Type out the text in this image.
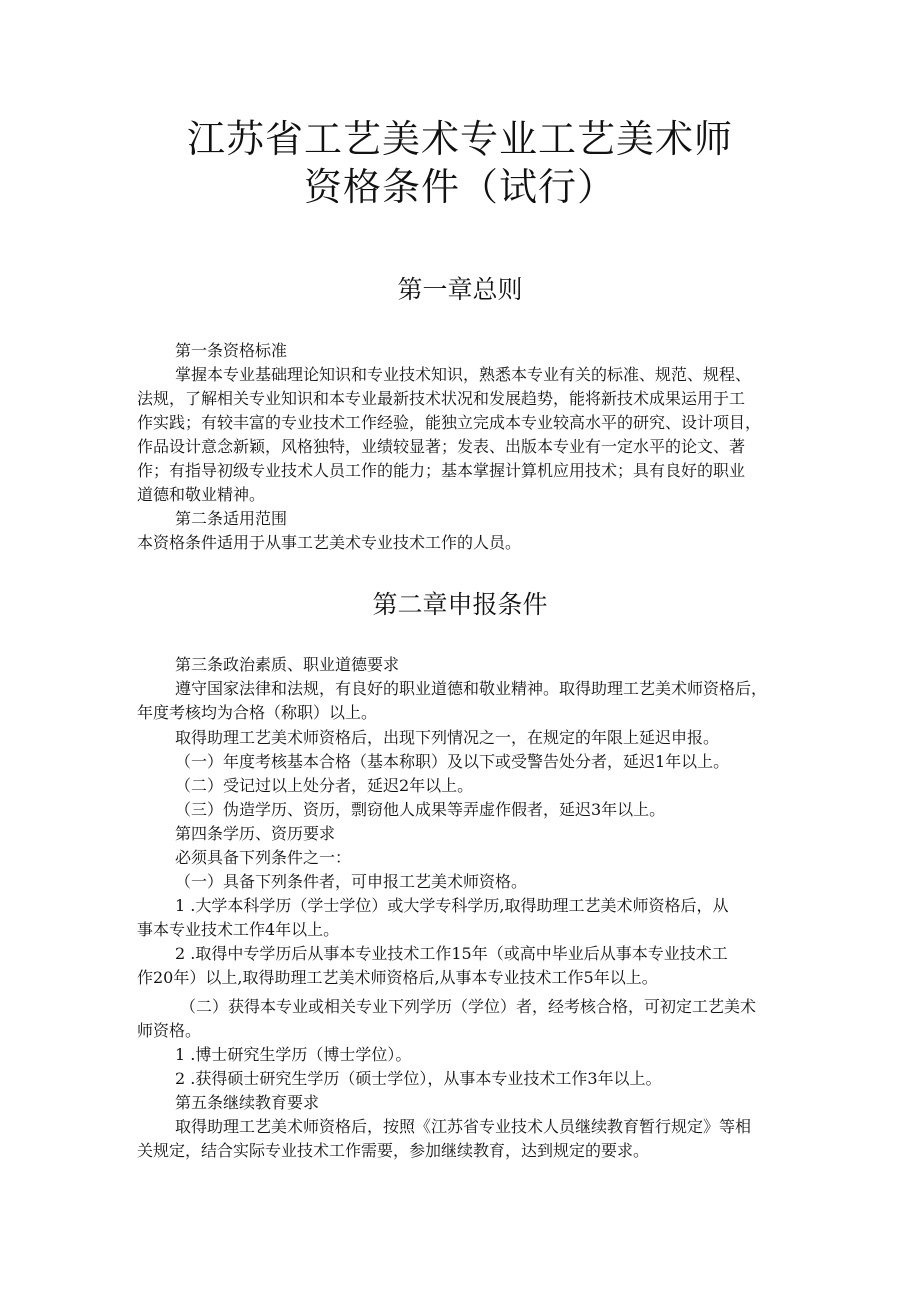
江苏省工艺美术专业工艺美术师
资格条件（试行）
第一章总则
第一条资格标准
掌握本专业基础理论知识和专业技术知识，熟悉本专业有关的标准、规范、规程、
法规，了解相关专业知识和本专业最新技术状况和发展趋势，能将新技术成果运用于工
作实践；有较丰富的专业技术工作经验，能独立完成本专业较高水平的研究、设计项目，
作品设计意念新颖，风格独特，业绩较显著；发表、出版本专业有一定水平的论文、著
作；有指导初级专业技术人员工作的能力；基本掌握计算机应用技术；具有良好的职业
道德和敬业精神。
第二条适用范围
本资格条件适用于从事工艺美术专业技术工作的人员。
第二章申报条件
第三条政治素质、职业道德要求
遵守国家法律和法规，有良好的职业道德和敬业精神。取得助理工艺美术师资格后，
年度考核均为合格（称职）以上。
取得助理工艺美术师资格后，出现下列情况之一，在规定的年限上延迟申报。
（一）年度考核基本合格（基本称职）及以下或受警告处分者，延迟1年以上。
（二）受记过以上处分者，延迟2年以上。
（三）伪造学历、资历，剽窃他人成果等弄虚作假者，延迟3年以上。
第四条学历、资历要求
必须具备下列条件之一：
（一）具备下列条件者，可申报工艺美术师资格。
1 .大学本科学历（学士学位）或大学专科学历,取得助理工艺美术师资格后，从
事本专业技术工作4年以上。
2 .取得中专学历后从事本专业技术工作15年（或高中毕业后从事本专业技术工
作20年）以上,取得助理工艺美术师资格后,从事本专业技术工作5年以上。
（二）获得本专业或相关专业下列学历（学位）者，经考核合格，可初定工艺美术
师资格。
1 .博士研究生学历（博士学位）。
2 .获得硕士研究生学历（硕士学位），从事本专业技术工作3年以上。
第五条继续教育要求
取得助理工艺美术师资格后，按照《江苏省专业技术人员继续教育暂行规定》等相
关规定，结合实际专业技术工作需要，参加继续教育，达到规定的要求。
